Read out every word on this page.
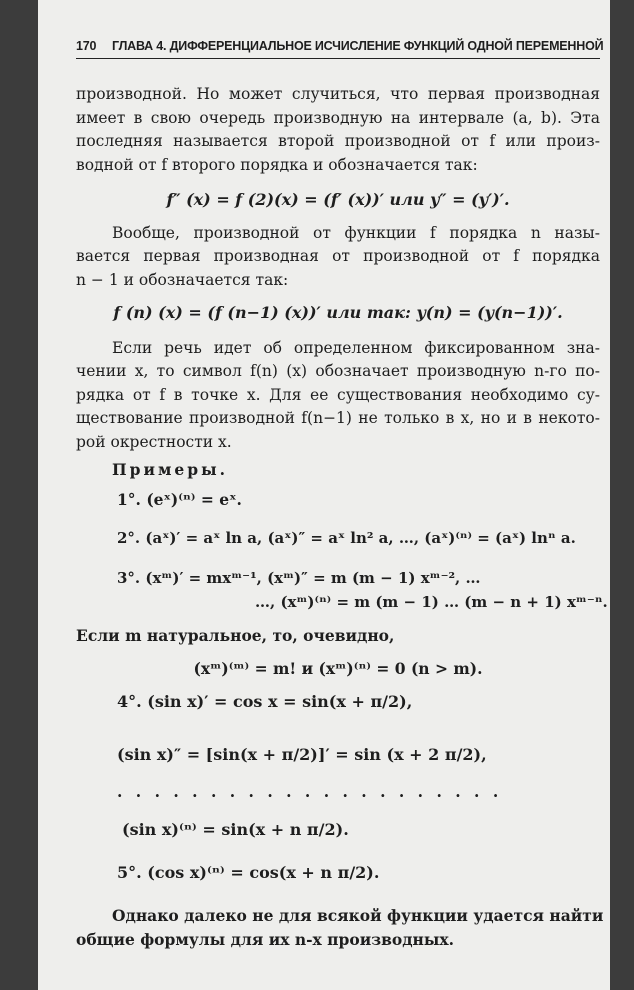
170 ГЛАВА 4. ДИФФЕРЕНЦИАЛЬНОЕ ИСЧИСЛЕНИЕ ФУНКЦИЙ ОДНОЙ ПЕРЕМЕННОЙ
производной. Но может случиться, что первая производная
имеет в свою очередь производную на интервале (a, b). Эта
последняя называется второй производной от f или произ-
водной от f второго порядка и обозначается так:
f″ (x) = f (2)(x) = (f′ (x))′ или y″ = (y′)′.
Вообще, производной от функции f порядка n назы-
вается первая производная от производной от f порядка
n − 1 и обозначается так:
f (n) (x) = (f (n−1) (x))′ или так: y(n) = (y(n−1))′.
Если речь идет об определенном фиксированном зна-
чении x, то символ f(n) (x) обозначает производную n-го по-
рядка от f в точке x. Для ее существования необходимо су-
ществование производной f(n−1) не только в x, но и в некото-
рой окрестности x.
Примеры.
1°. (eˣ)⁽ⁿ⁾ = eˣ.
2°. (aˣ)′ = aˣ ln a, (aˣ)″ = aˣ ln² a, …, (aˣ)⁽ⁿ⁾ = (aˣ) lnⁿ a.
3°. (xᵐ)′ = mxᵐ⁻¹, (xᵐ)″ = m (m − 1) xᵐ⁻², …
…, (xᵐ)⁽ⁿ⁾ = m (m − 1) … (m − n + 1) xᵐ⁻ⁿ.
Если m натуральное, то, очевидно,
(xᵐ)⁽ᵐ⁾ = m! и (xᵐ)⁽ⁿ⁾ = 0 (n > m).
4°. (sin x)′ = cos x = sin(x + π/2),
(sin x)″ = [sin(x + π/2)]′ = sin (x + 2 π/2),
. . . . . . . . . . . . . . . . . . . . .
(sin x)⁽ⁿ⁾ = sin(x + n π/2).
5°. (cos x)⁽ⁿ⁾ = cos(x + n π/2).
Однако далеко не для всякой функции удается найти
общие формулы для их n-х производных.
